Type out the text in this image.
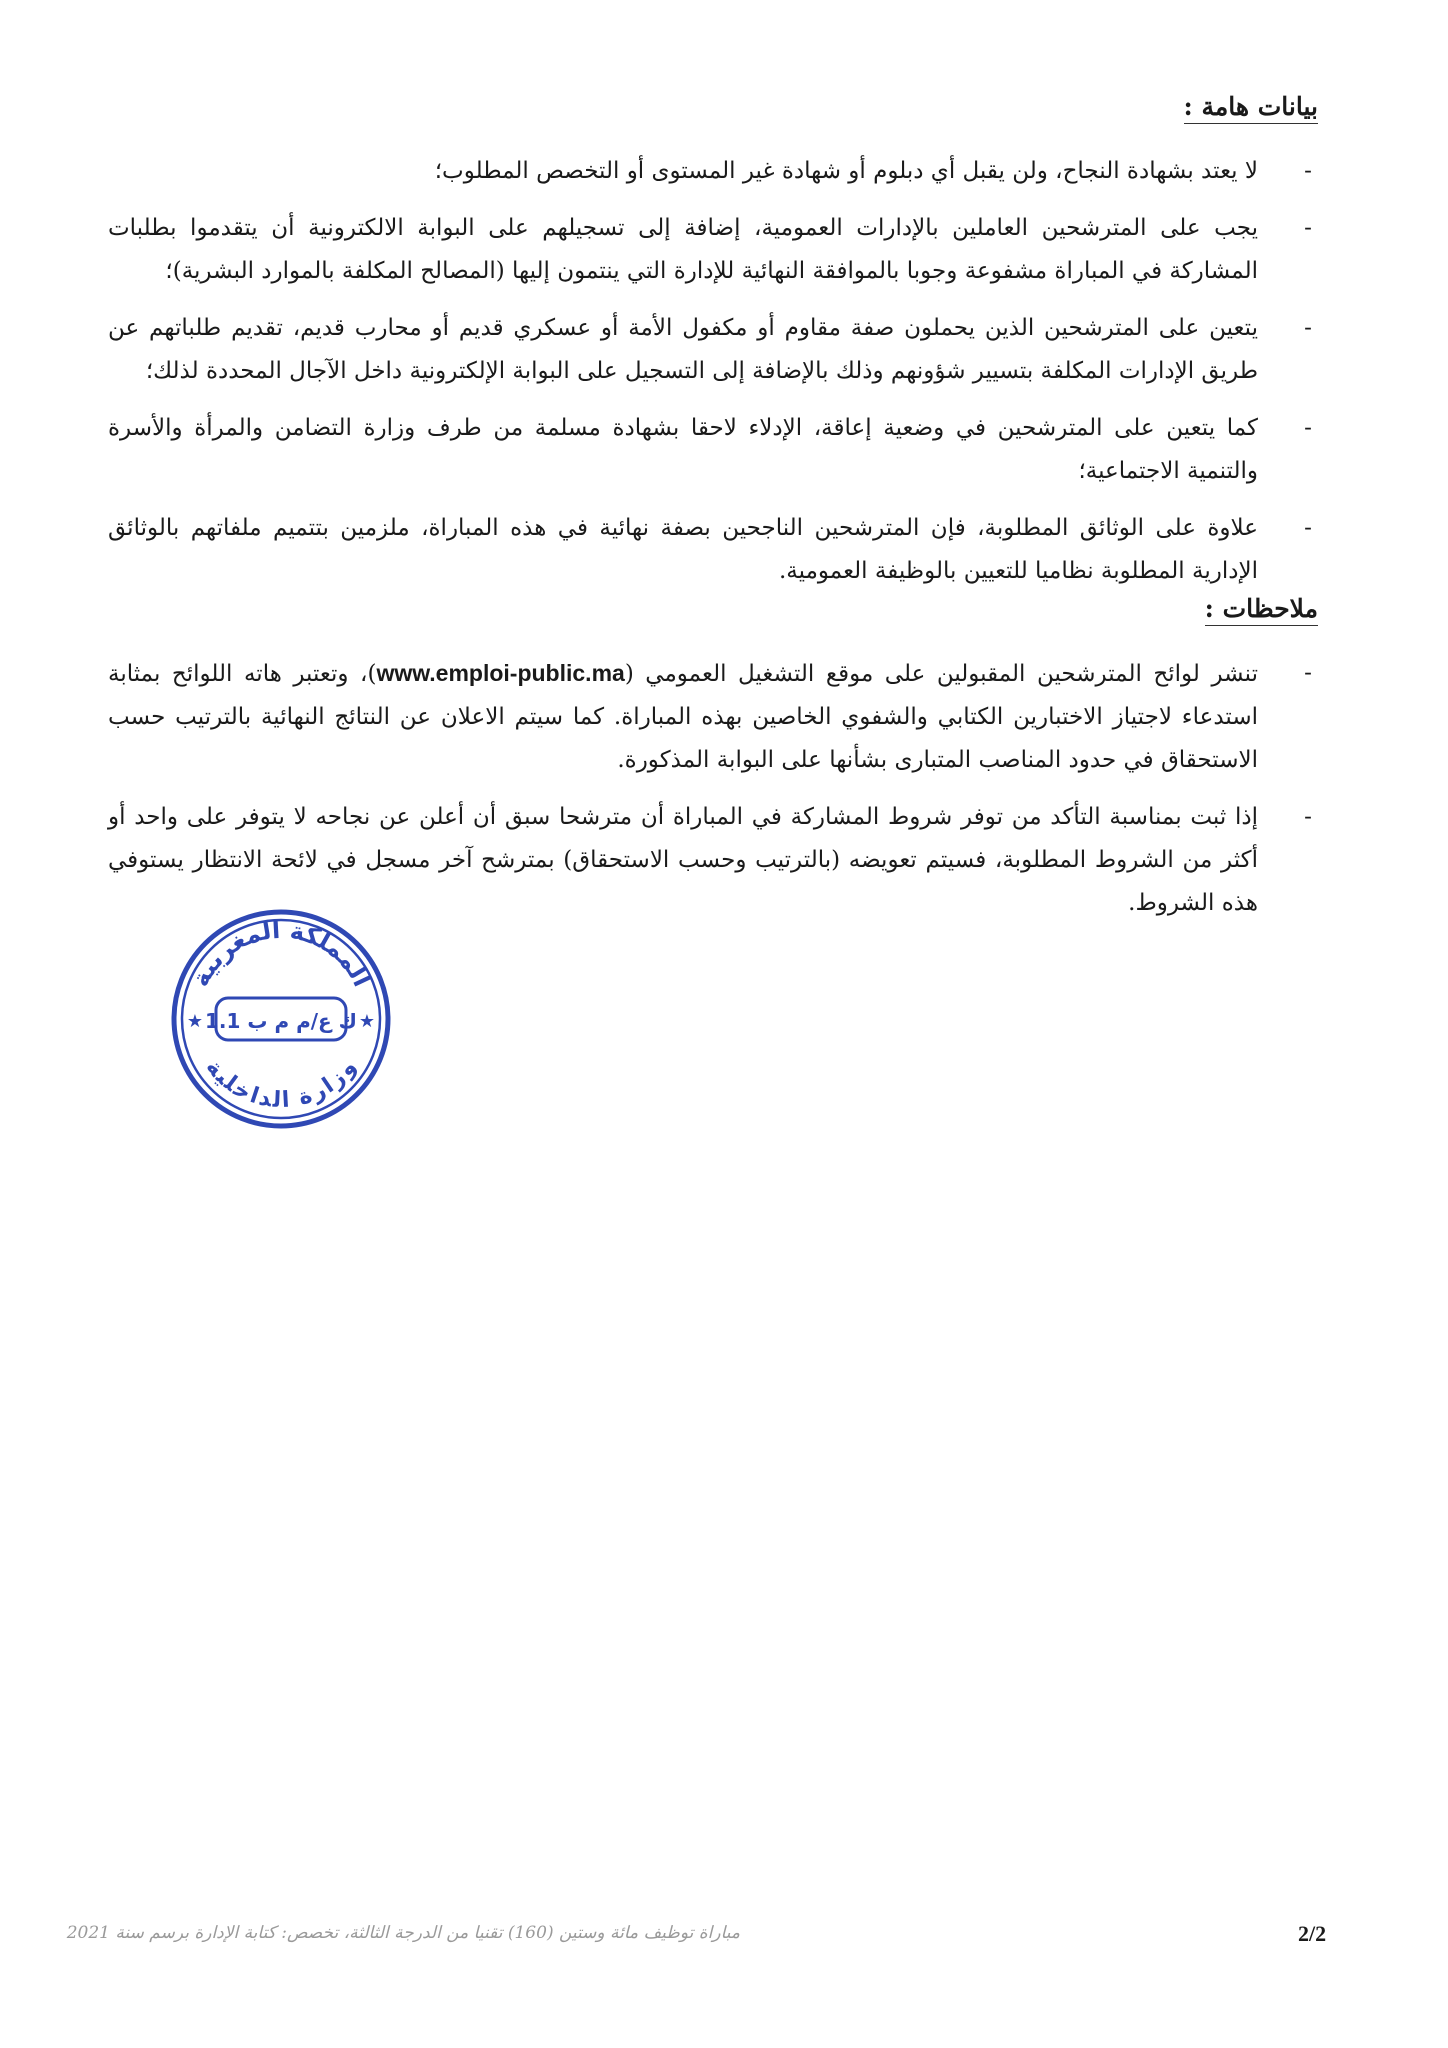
بيانات هامة :
-
لا يعتد بشهادة النجاح، ولن يقبل أي دبلوم أو شهادة غير المستوى أو التخصص المطلوب؛
-
يجب على المترشحين العاملين بالإدارات العمومية، إضافة إلى تسجيلهم على البوابة الالكترونية أن يتقدموا بطلبات المشاركة في المباراة مشفوعة وجوبا بالموافقة النهائية للإدارة التي ينتمون إليها (المصالح المكلفة بالموارد البشرية)؛
-
يتعين على المترشحين الذين يحملون صفة مقاوم أو مكفول الأمة أو عسكري قديم أو محارب قديم، تقديم طلباتهم عن طريق الإدارات المكلفة بتسيير شؤونهم وذلك بالإضافة إلى التسجيل على البوابة الإلكترونية داخل الآجال المحددة لذلك؛
-
كما يتعين على المترشحين في وضعية إعاقة، الإدلاء لاحقا بشهادة مسلمة من طرف وزارة التضامن والمرأة والأسرة والتنمية الاجتماعية؛
-
علاوة على الوثائق المطلوبة، فإن المترشحين الناجحين بصفة نهائية في هذه المباراة، ملزمين بتتميم ملفاتهم بالوثائق الإدارية المطلوبة نظاميا للتعيين بالوظيفة العمومية.
ملاحظات :
-
تنشر لوائح المترشحين المقبولين على موقع التشغيل العمومي (www.emploi-public.ma)، وتعتبر هاته اللوائح بمثابة استدعاء لاجتياز الاختبارين الكتابي والشفوي الخاصين بهذه المباراة. كما سيتم الاعلان عن النتائج النهائية بالترتيب حسب الاستحقاق في حدود المناصب المتبارى بشأنها على البوابة المذكورة.
-
إذا ثبت بمناسبة التأكد من توفر شروط المشاركة في المباراة أن مترشحا سبق أن أعلن عن نجاحه لا يتوفر على واحد أو أكثر من الشروط المطلوبة، فسيتم تعويضه (بالترتيب وحسب الاستحقاق) بمترشح آخر مسجل في لائحة الانتظار يستوفي هذه الشروط.
المملكة المغربية
وزارة الداخلية
ك ع/م م ب 1.1
★	★
مباراة توظيف مائة وستين (160) تقنيا من الدرجة الثالثة، تخصص: كتابة الإدارة برسم سنة 2021	2/2
